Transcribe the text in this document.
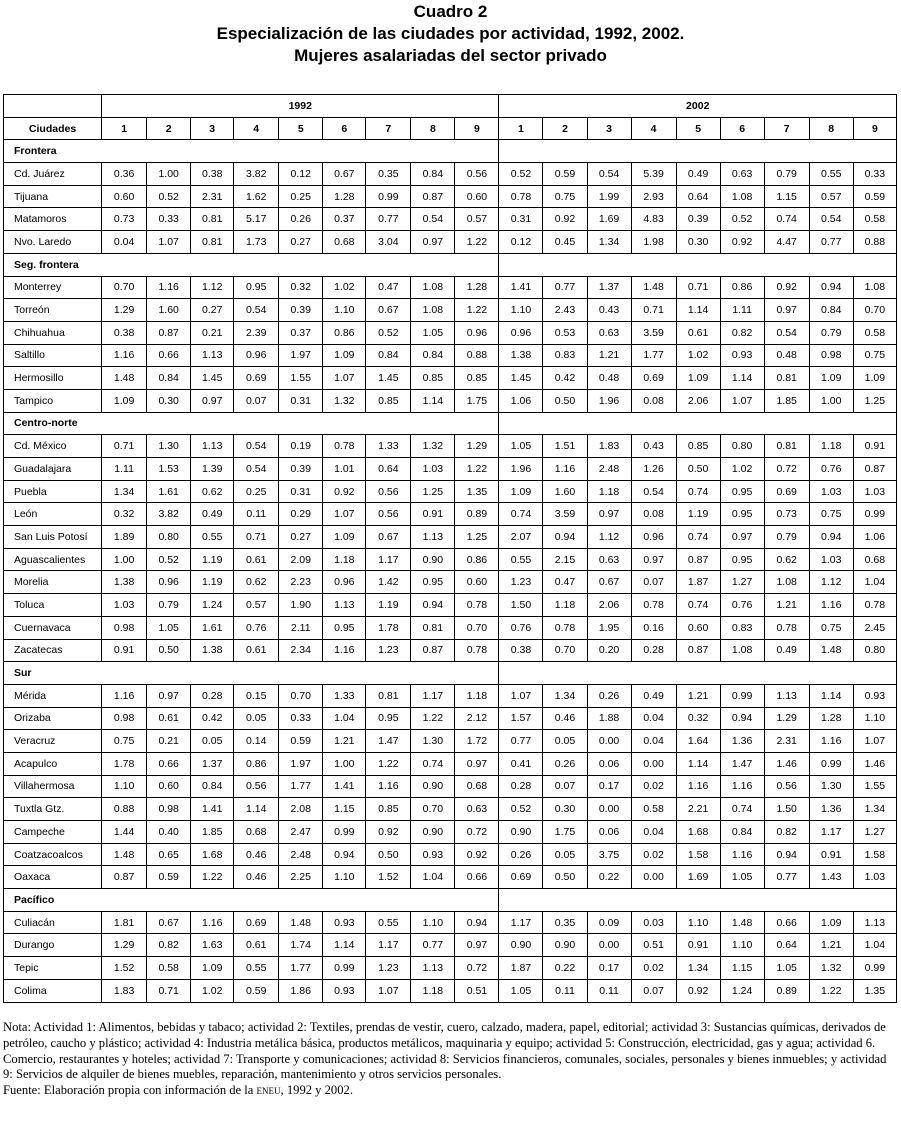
Cuadro 2
Especialización de las ciudades por actividad, 1992, 2002.
Mujeres asalariadas del sector privado
	1992									2002								
Ciudades	1	2	3	4	5	6	7	8	9	1	2	3	4	5	6	7	8	9
Frontera																		
Cd. Juárez	0.36	1.00	0.38	3.82	0.12	0.67	0.35	0.84	0.56	0.52	0.59	0.54	5.39	0.49	0.63	0.79	0.55	0.33
Tijuana	0.60	0.52	2.31	1.62	0.25	1.28	0.99	0.87	0.60	0.78	0.75	1.99	2.93	0.64	1.08	1.15	0.57	0.59
Matamoros	0.73	0.33	0.81	5.17	0.26	0.37	0.77	0.54	0.57	0.31	0.92	1.69	4.83	0.39	0.52	0.74	0.54	0.58
Nvo. Laredo	0.04	1.07	0.81	1.73	0.27	0.68	3.04	0.97	1.22	0.12	0.45	1.34	1.98	0.30	0.92	4.47	0.77	0.88
Seg. frontera																		
Monterrey	0.70	1.16	1.12	0.95	0.32	1.02	0.47	1.08	1.28	1.41	0.77	1.37	1.48	0.71	0.86	0.92	0.94	1.08
Torreón	1.29	1.60	0.27	0.54	0.39	1.10	0.67	1.08	1.22	1.10	2.43	0.43	0.71	1.14	1.11	0.97	0.84	0.70
Chihuahua	0.38	0.87	0.21	2.39	0.37	0.86	0.52	1.05	0.96	0.96	0.53	0.63	3.59	0.61	0.82	0.54	0.79	0.58
Saltillo	1.16	0.66	1.13	0.96	1.97	1.09	0.84	0.84	0.88	1.38	0.83	1.21	1.77	1.02	0.93	0.48	0.98	0.75
Hermosillo	1.48	0.84	1.45	0.69	1.55	1.07	1.45	0.85	0.85	1.45	0.42	0.48	0.69	1.09	1.14	0.81	1.09	1.09
Tampico	1.09	0.30	0.97	0.07	0.31	1.32	0.85	1.14	1.75	1.06	0.50	1.96	0.08	2.06	1.07	1.85	1.00	1.25
Centro-norte																		
Cd. México	0.71	1.30	1.13	0.54	0.19	0.78	1.33	1.32	1.29	1.05	1.51	1.83	0.43	0.85	0.80	0.81	1.18	0.91
Guadalajara	1.11	1.53	1.39	0.54	0.39	1.01	0.64	1.03	1.22	1.96	1.16	2.48	1.26	0.50	1.02	0.72	0.76	0.87
Puebla	1.34	1.61	0.62	0.25	0.31	0.92	0.56	1.25	1.35	1.09	1.60	1.18	0.54	0.74	0.95	0.69	1.03	1.03
León	0.32	3.82	0.49	0.11	0.29	1.07	0.56	0.91	0.89	0.74	3.59	0.97	0.08	1.19	0.95	0.73	0.75	0.99
San Luis Potosí	1.89	0.80	0.55	0.71	0.27	1.09	0.67	1.13	1.25	2.07	0.94	1.12	0.96	0.74	0.97	0.79	0.94	1.06
Aguascalientes	1.00	0.52	1.19	0.61	2.09	1.18	1.17	0.90	0.86	0.55	2.15	0.63	0.97	0.87	0.95	0.62	1.03	0.68
Morelia	1.38	0.96	1.19	0.62	2.23	0.96	1.42	0.95	0.60	1.23	0.47	0.67	0.07	1.87	1.27	1.08	1.12	1.04
Toluca	1.03	0.79	1.24	0.57	1.90	1.13	1.19	0.94	0.78	1.50	1.18	2.06	0.78	0.74	0.76	1.21	1.16	0.78
Cuernavaca	0.98	1.05	1.61	0.76	2.11	0.95	1.78	0.81	0.70	0.76	0.78	1.95	0.16	0.60	0.83	0.78	0.75	2.45
Zacatecas	0.91	0.50	1.38	0.61	2.34	1.16	1.23	0.87	0.78	0.38	0.70	0.20	0.28	0.87	1.08	0.49	1.48	0.80
Sur																		
Mérida	1.16	0.97	0.28	0.15	0.70	1.33	0.81	1.17	1.18	1.07	1.34	0.26	0.49	1.21	0.99	1.13	1.14	0.93
Orizaba	0.98	0.61	0.42	0.05	0.33	1.04	0.95	1.22	2.12	1.57	0.46	1.88	0.04	0.32	0.94	1.29	1.28	1.10
Veracruz	0.75	0.21	0.05	0.14	0.59	1.21	1.47	1.30	1.72	0.77	0.05	0.00	0.04	1.64	1.36	2.31	1.16	1.07
Acapulco	1.78	0.66	1.37	0.86	1.97	1.00	1.22	0.74	0.97	0.41	0.26	0.06	0.00	1.14	1.47	1.46	0.99	1.46
Villahermosa	1.10	0.60	0.84	0.56	1.77	1.41	1.16	0.90	0.68	0.28	0.07	0.17	0.02	1.16	1.16	0.56	1.30	1.55
Tuxtla Gtz.	0.88	0.98	1.41	1.14	2.08	1.15	0.85	0.70	0.63	0.52	0.30	0.00	0.58	2.21	0.74	1.50	1.36	1.34
Campeche	1.44	0.40	1.85	0.68	2.47	0.99	0.92	0.90	0.72	0.90	1.75	0.06	0.04	1.68	0.84	0.82	1.17	1.27
Coatzacoalcos	1.48	0.65	1.68	0.46	2.48	0.94	0.50	0.93	0.92	0.26	0.05	3.75	0.02	1.58	1.16	0.94	0.91	1.58
Oaxaca	0.87	0.59	1.22	0.46	2.25	1.10	1.52	1.04	0.66	0.69	0.50	0.22	0.00	1.69	1.05	0.77	1.43	1.03
Pacífico																		
Culiacán	1.81	0.67	1.16	0.69	1.48	0.93	0.55	1.10	0.94	1.17	0.35	0.09	0.03	1.10	1.48	0.66	1.09	1.13
Durango	1.29	0.82	1.63	0.61	1.74	1.14	1.17	0.77	0.97	0.90	0.90	0.00	0.51	0.91	1.10	0.64	1.21	1.04
Tepic	1.52	0.58	1.09	0.55	1.77	0.99	1.23	1.13	0.72	1.87	0.22	0.17	0.02	1.34	1.15	1.05	1.32	0.99
Colima	1.83	0.71	1.02	0.59	1.86	0.93	1.07	1.18	0.51	1.05	0.11	0.11	0.07	0.92	1.24	0.89	1.22	1.35

Nota: Actividad 1: Alimentos, bebidas y tabaco; actividad 2: Textiles, prendas de vestir, cuero, calzado, madera, papel, editorial; actividad 3: Sustancias químicas, derivados de petróleo, caucho y plástico; actividad 4: Industria metálica básica, productos metálicos, maquinaria y equipo; actividad 5: Construcción, electricidad, gas y agua; actividad 6. Comercio, restaurantes y hoteles; actividad 7: Transporte y comunicaciones; actividad 8: Servicios financieros, comunales, sociales, personales y bienes inmuebles; y actividad 9: Servicios de alquiler de bienes muebles, reparación, mantenimiento y otros servicios personales.

Fuente: Elaboración propia con información de la eneu, 1992 y 2002.
